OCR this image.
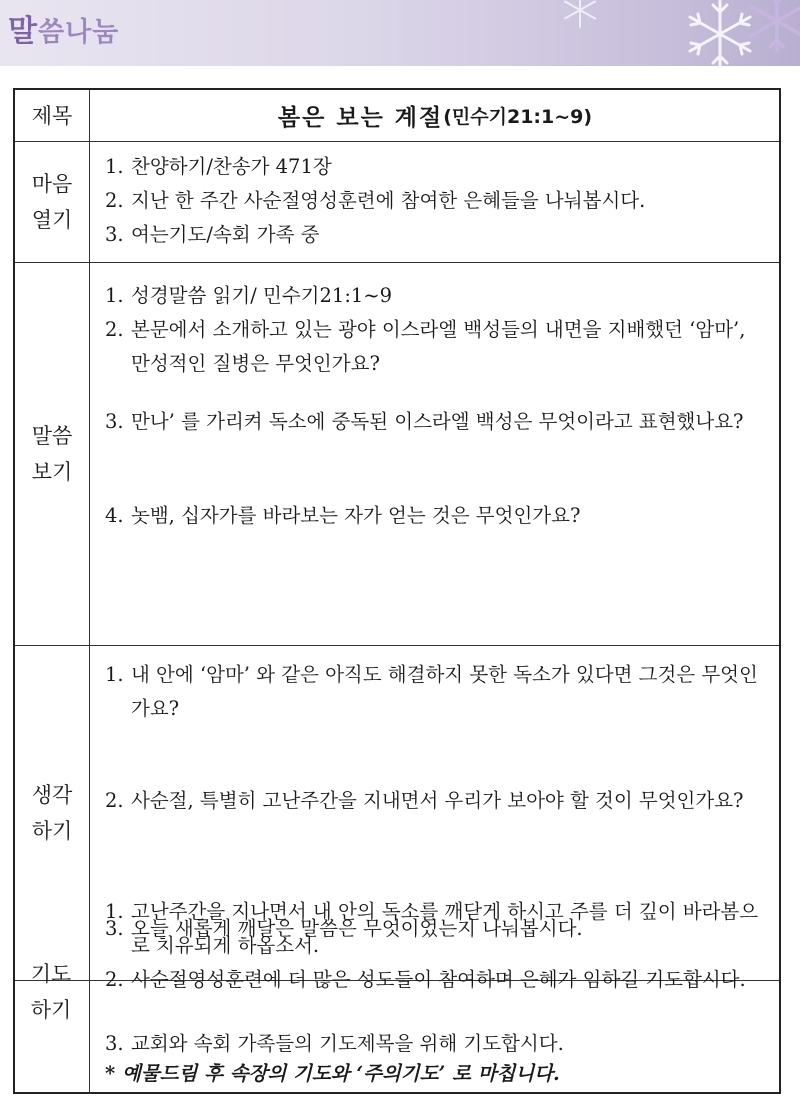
말씀나눔
제목	봄은 보는 계절 (민수기21:1~9)
마음
열기
1. 찬양하기/찬송가 471장
2. 지난 한 주간 사순절영성훈련에 참여한 은혜들을 나눠봅시다.
3. 여는기도/속회 가족 중
말씀
보기
1. 성경말씀 읽기/ 민수기21:1~9
2. 본문에서 소개하고 있는 광야 이스라엘 백성들의 내면을 지배했던 ‘암마’, 만성적인 질병은 무엇인가요?
3. 만나’ 를 가리켜 독소에 중독된 이스라엘 백성은 무엇이라고 표현했나요?
4. 놋뱀, 십자가를 바라보는 자가 얻는 것은 무엇인가요?
생각
하기
1. 내 안에 ‘암마’ 와 같은 아직도 해결하지 못한 독소가 있다면 그것은 무엇인가요?
2. 사순절, 특별히 고난주간을 지내면서 우리가 보아야 할 것이 무엇인가요?
3. 오늘 새롭게 깨달은 말씀은 무엇이었는지 나눠봅시다.
기도
하기
1. 고난주간을 지나면서 내 안의 독소를 깨닫게 하시고 주를 더 깊이 바라봄으로 치유되게 하옵소서.
2. 사순절영성훈련에 더 많은 성도들이 참여하며 은혜가 임하길 기도합시다.
3. 교회와 속회 가족들의 기도제목을 위해 기도합시다.
* 예물드림 후 속장의 기도와 ‘주의기도’ 로 마칩니다.
